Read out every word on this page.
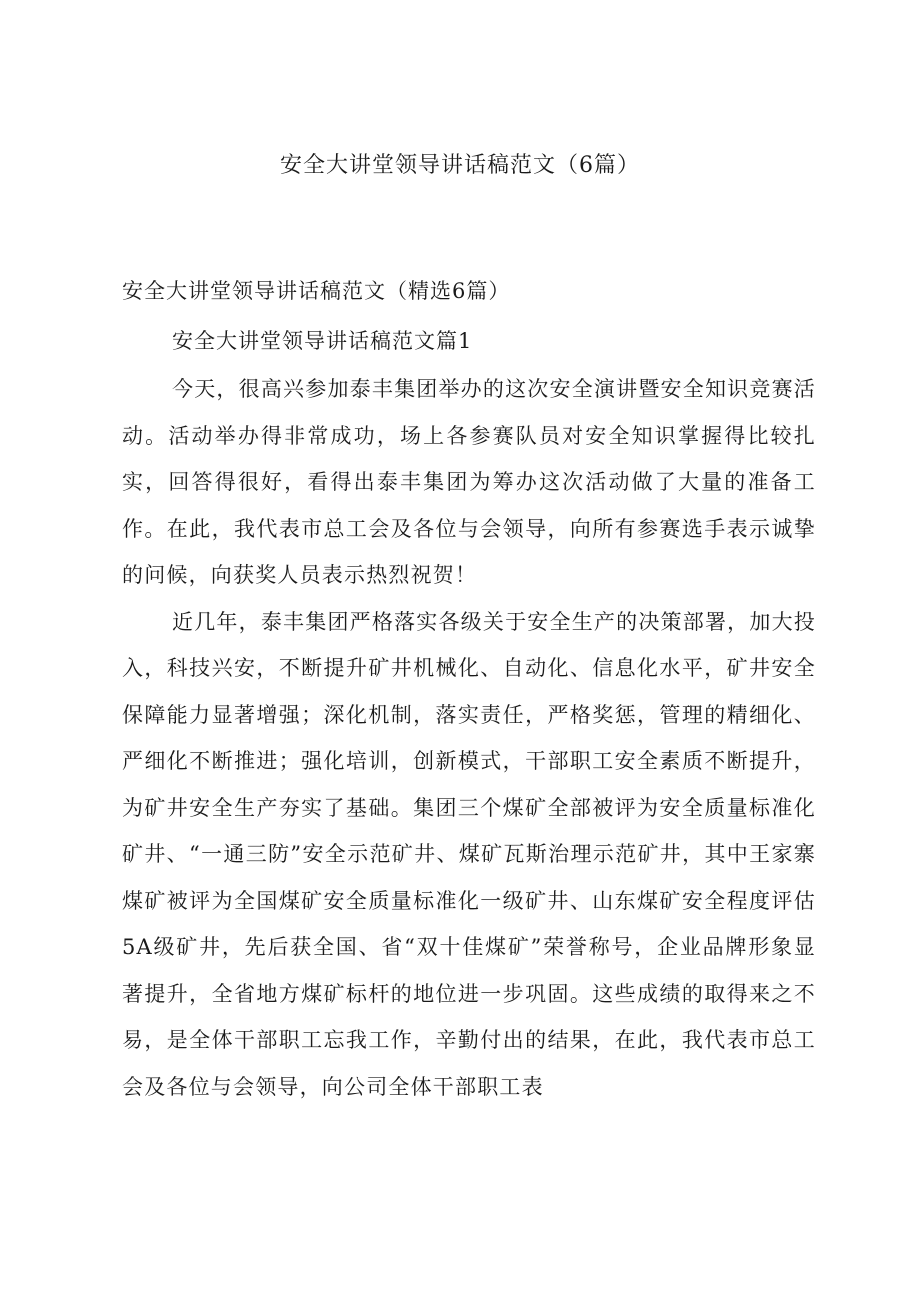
安全大讲堂领导讲话稿范文（6篇）

安全大讲堂领导讲话稿范文（精选6篇）

安全大讲堂领导讲话稿范文篇1

今天，很高兴参加泰丰集团举办的这次安全演讲暨安全知识竞赛活动。活动举办得非常成功，场上各参赛队员对安全知识掌握得比较扎实，回答得很好，看得出泰丰集团为筹办这次活动做了大量的准备工作。在此，我代表市总工会及各位与会领导，向所有参赛选手表示诚挚的问候，向获奖人员表示热烈祝贺！

近几年，泰丰集团严格落实各级关于安全生产的决策部署，加大投入，科技兴安，不断提升矿井机械化、自动化、信息化水平，矿井安全保障能力显著增强；深化机制，落实责任，严格奖惩，管理的精细化、严细化不断推进；强化培训，创新模式，干部职工安全素质不断提升，为矿井安全生产夯实了基础。集团三个煤矿全部被评为安全质量标准化矿井、“一通三防”安全示范矿井、煤矿瓦斯治理示范矿井，其中王家寨煤矿被评为全国煤矿安全质量标准化一级矿井、山东煤矿安全程度评估5A级矿井，先后获全国、省“双十佳煤矿”荣誉称号，企业品牌形象显著提升，全省地方煤矿标杆的地位进一步巩固。这些成绩的取得来之不易，是全体干部职工忘我工作，辛勤付出的结果，在此，我代表市总工会及各位与会领导，向公司全体干部职工表
